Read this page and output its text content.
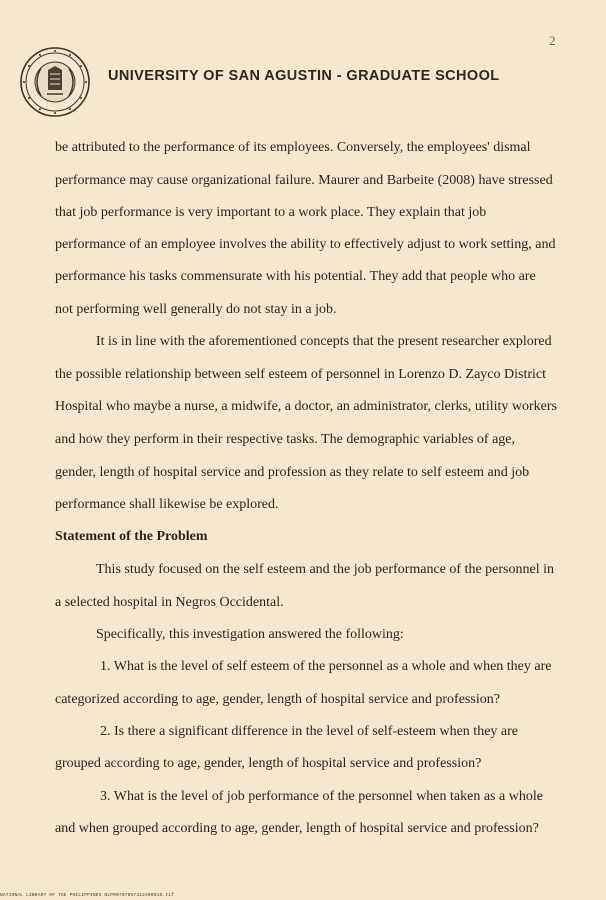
2
UNIVERSITY OF SAN AGUSTIN - GRADUATE SCHOOL
be attributed to the performance of its employees. Conversely, the employees' dismal
performance may cause organizational failure. Maurer and Barbeite (2008) have stressed
that job performance is very important to a work place. They explain that job
performance of an employee involves the ability to effectively adjust to work setting, and
performance his tasks commensurate with his potential. They add that people who are
not performing well generally do not stay in a job.
It is in line with the aforementioned concepts that the present researcher explored
the possible relationship between self esteem of personnel in Lorenzo D. Zayco District
Hospital who maybe a nurse, a midwife, a doctor, an administrator, clerks, utility workers
and how they perform in their respective tasks. The demographic variables of age,
gender, length of hospital service and profession as they relate to self esteem and job
performance shall likewise be explored.
Statement of the Problem
This study focused on the self esteem and the job performance of the personnel in
a selected hospital in Negros Occidental.
Specifically, this investigation answered the following:
1. What is the level of self esteem of the personnel as a whole and when they are
categorized according to age, gender, length of hospital service and profession?
2. Is there a significant difference in the level of self-esteem when they are
grouped according to age, gender, length of hospital service and profession?
3. What is the level of job performance of the personnel when taken as a whole
and when grouped according to age, gender, length of hospital service and profession?
NATIONAL LIBRARY OF THE PHILIPPINES NLP00707057412406010.tif
